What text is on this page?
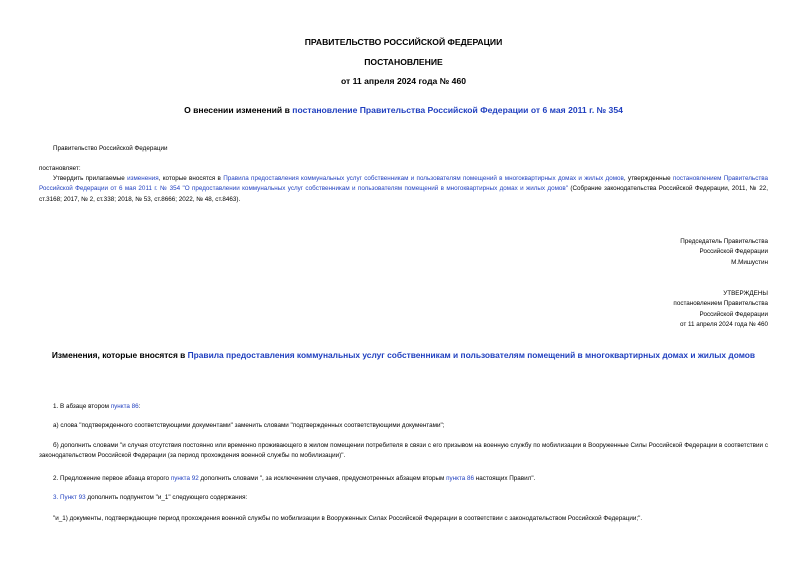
ПРАВИТЕЛЬСТВО РОССИЙСКОЙ ФЕДЕРАЦИИ
ПОСТАНОВЛЕНИЕ
от 11 апреля 2024 года № 460
О внесении изменений в постановление Правительства Российской Федерации от 6 мая 2011 г. № 354
Правительство Российской Федерации
постановляет:
Утвердить прилагаемые изменения, которые вносятся в Правила предоставления коммунальных услуг собственникам и пользователям помещений в многоквартирных домах и жилых домов, утвержденные постановлением Правительства Российской Федерации от 6 мая 2011 г. № 354 "О предоставлении коммунальных услуг собственникам и пользователям помещений в многоквартирных домах и жилых домов" (Собрание законодательства Российской Федерации, 2011, № 22, ст.3168; 2017, № 2, ст.338; 2018, № 53, ст.8666; 2022, № 48, ст.8463).
Председатель Правительства
Российской Федерации
М.Мишустин
УТВЕРЖДЕНЫ
постановлением Правительства
Российской Федерации
от 11 апреля 2024 года № 460
Изменения, которые вносятся в Правила предоставления коммунальных услуг собственникам и пользователям помещений в многоквартирных домах и жилых домов
1. В абзаце втором пункта 86:
а) слова "подтвержденного соответствующими документами" заменить словами "подтвержденных соответствующими документами";
б) дополнить словами "и случая отсутствия постоянно или временно проживающего в жилом помещении потребителя в связи с его призывом на военную службу по мобилизации в Вооруженные Силы Российской Федерации в соответствии с законодательством Российской Федерации (за период прохождения военной службы по мобилизации)".
2. Предложение первое абзаца второго пункта 92 дополнить словами ", за исключением случаев, предусмотренных абзацем вторым пункта 86 настоящих Правил".
3. Пункт 93 дополнить подпунктом "и_1" следующего содержания:
"и_1) документы, подтверждающие период прохождения военной службы по мобилизации в Вооруженных Силах Российской Федерации в соответствии с законодательством Российской Федерации;".
